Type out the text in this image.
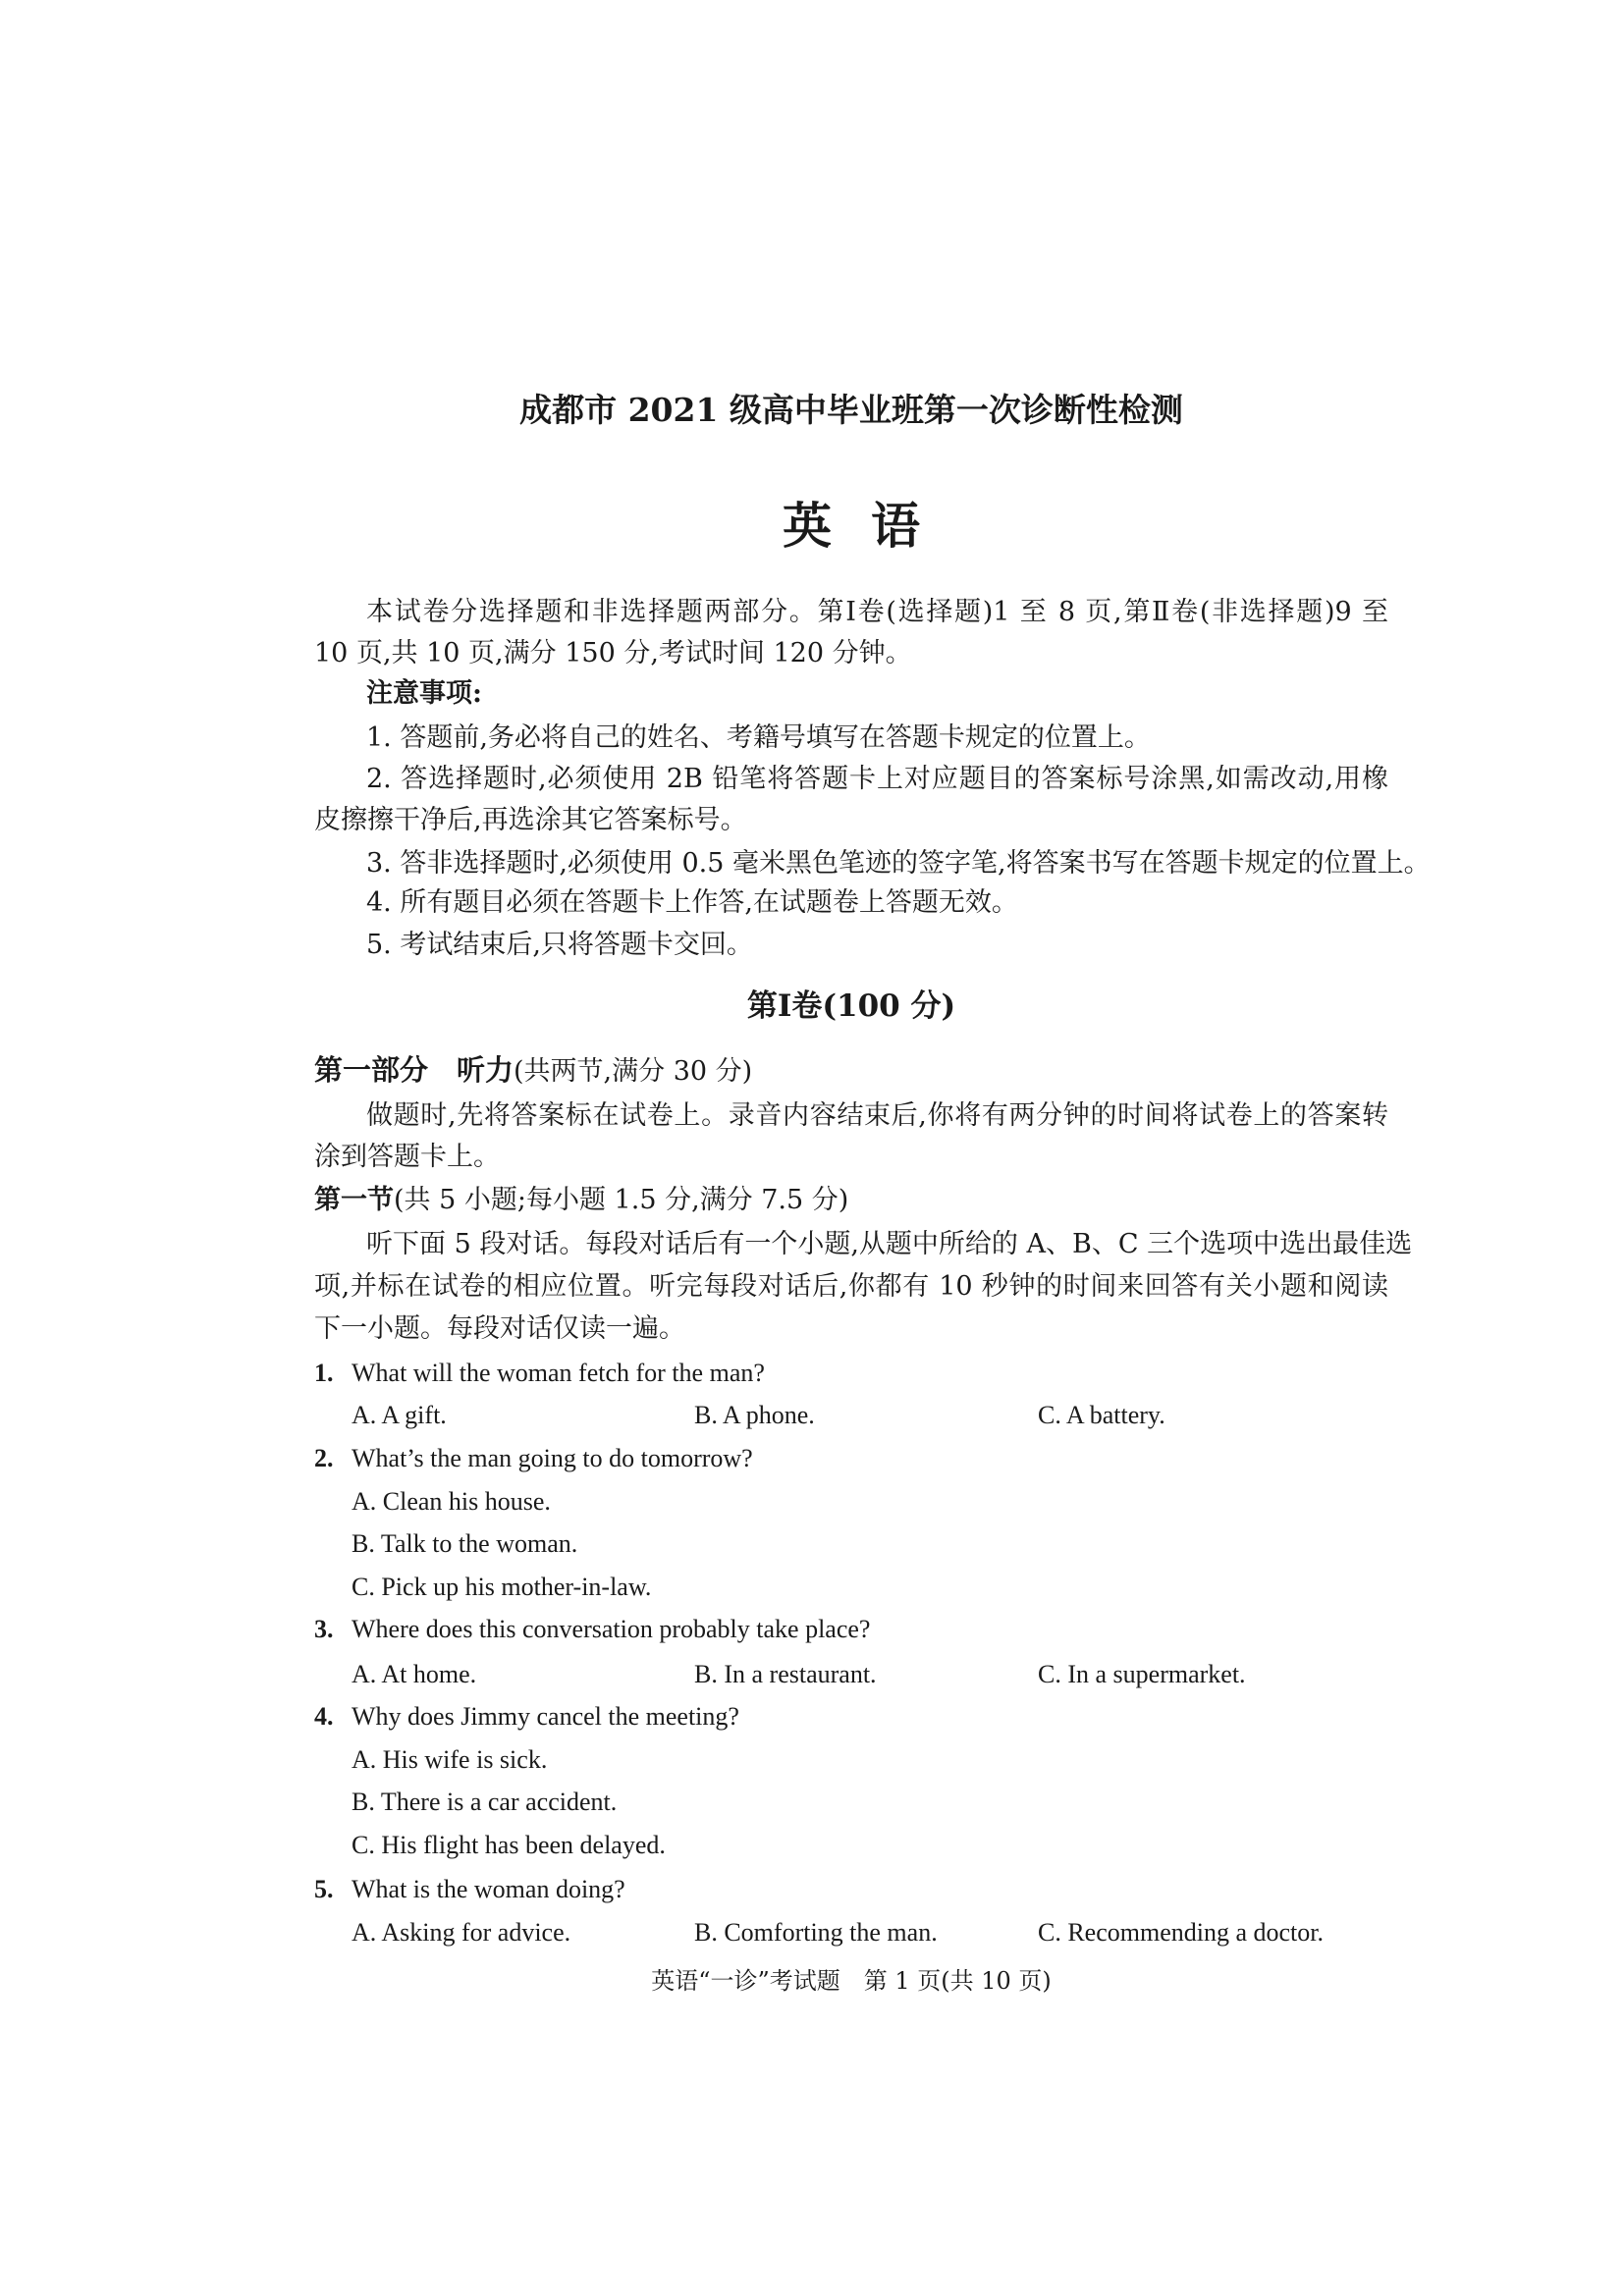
成都市 2021 级高中毕业班第一次诊断性检测
英语
本试卷分选择题和非选择题两部分。第Ⅰ卷(选择题)1 至 8 页,第Ⅱ卷(非选择题)9 至
10 页,共 10 页,满分 150 分,考试时间 120 分钟。
注意事项:
1. 答题前,务必将自己的姓名、考籍号填写在答题卡规定的位置上。
2. 答选择题时,必须使用 2B 铅笔将答题卡上对应题目的答案标号涂黑,如需改动,用橡
皮擦擦干净后,再选涂其它答案标号。
3. 答非选择题时,必须使用 0.5 毫米黑色笔迹的签字笔,将答案书写在答题卡规定的位置上。
4. 所有题目必须在答题卡上作答,在试题卷上答题无效。
5. 考试结束后,只将答题卡交回。
第Ⅰ卷(100 分)
第一部分　听力(共两节,满分 30 分)
做题时,先将答案标在试卷上。录音内容结束后,你将有两分钟的时间将试卷上的答案转
涂到答题卡上。
第一节(共 5 小题;每小题 1.5 分,满分 7.5 分)
听下面 5 段对话。每段对话后有一个小题,从题中所给的 A、B、C 三个选项中选出最佳选
项,并标在试卷的相应位置。听完每段对话后,你都有 10 秒钟的时间来回答有关小题和阅读
下一小题。每段对话仅读一遍。
1. What will the woman fetch for the man?
A. A gift.	B. A phone.	C. A battery.
2. What’s the man going to do tomorrow?
A. Clean his house.
B. Talk to the woman.
C. Pick up his mother-in-law.
3. Where does this conversation probably take place?
A. At home.	B. In a restaurant.	C. In a supermarket.
4. Why does Jimmy cancel the meeting?
A. His wife is sick.
B. There is a car accident.
C. His flight has been delayed.
5. What is the woman doing?
A. Asking for advice.	B. Comforting the man.	C. Recommending a doctor.
英语“一诊”考试题　第 1 页(共 10 页)
